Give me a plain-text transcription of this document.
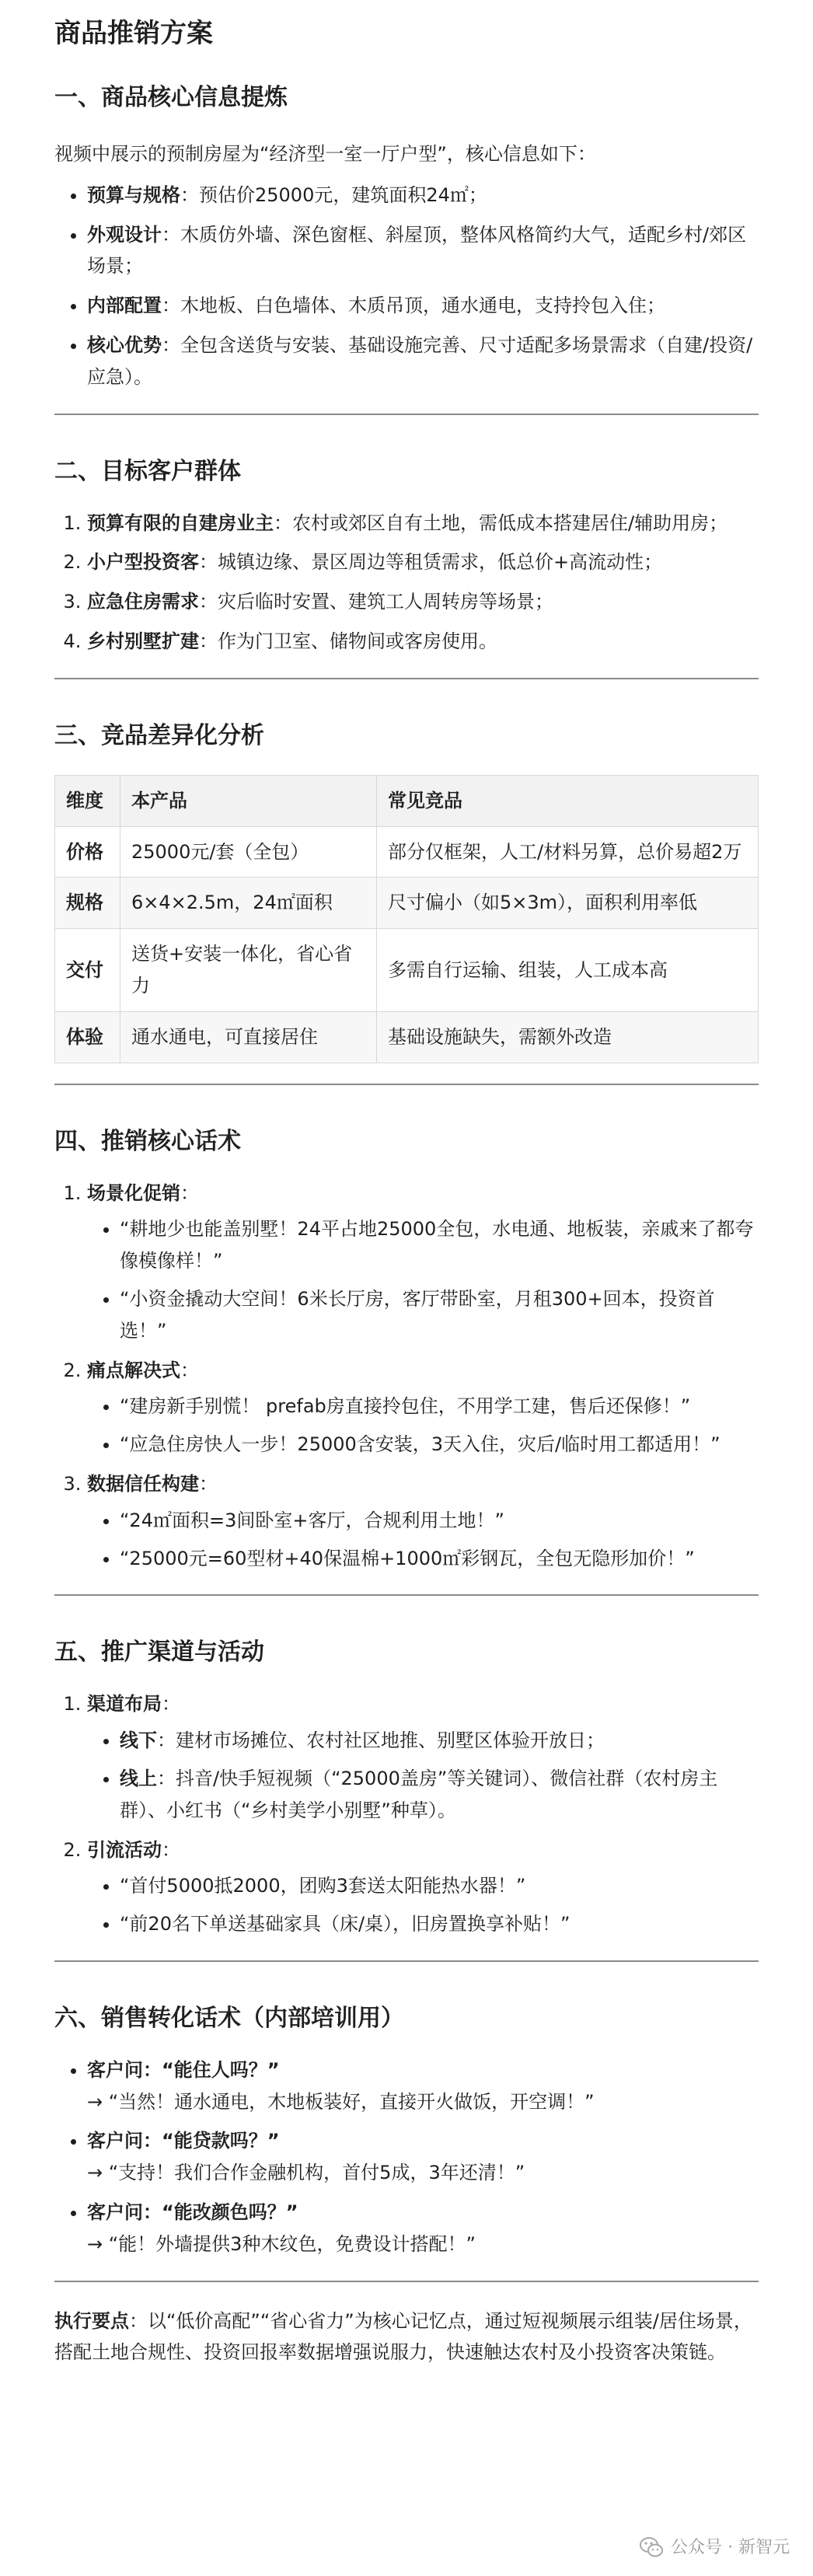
商品推销方案
一、商品核心信息提炼

视频中展示的预制房屋为“经济型一室一厅户型”，核心信息如下：

• 预算与规格：预估价25000元，建筑面积24㎡；
• 外观设计：木质仿外墙、深色窗框、斜屋顶，整体风格简约大气，适配乡村/郊区场景；
• 内部配置：木地板、白色墙体、木质吊顶，通水通电，支持拎包入住；
• 核心优势：全包含送货与安装、基础设施完善、尺寸适配多场景需求（自建/投资/应急）。
二、目标客户群体
1. 预算有限的自建房业主：农村或郊区自有土地，需低成本搭建居住/辅助用房；
2. 小户型投资客：城镇边缘、景区周边等租赁需求，低总价+高流动性；
3. 应急住房需求：灾后临时安置、建筑工人周转房等场景；
4. 乡村别墅扩建：作为门卫室、储物间或客房使用。
三、竞品差异化分析
维度	本产品	常见竞品
价格	25000元/套（全包）	部分仅框架，人工/材料另算，总价易超2万
规格	6×4×2.5m，24㎡面积	尺寸偏小（如5×3m），面积利用率低
交付	送货+安装一体化，省心省力	多需自行运输、组装，人工成本高
体验	通水通电，可直接居住	基础设施缺失，需额外改造
四、推销核心话术
1. 场景化促销：
• “耕地少也能盖别墅！24平占地25000全包，水电通、地板装，亲戚来了都夸像模像样！”
• “小资金撬动大空间！6米长厅房，客厅带卧室，月租300+回本，投资首选！”
2. 痛点解决式：
• “建房新手别慌！ prefab房直接拎包住，不用学工建，售后还保修！”
• “应急住房快人一步！25000含安装，3天入住，灾后/临时用工都适用！”
3. 数据信任构建：
• “24㎡面积=3间卧室+客厅，合规利用土地！”
• “25000元=60型材+40保温棉+1000㎡彩钢瓦，全包无隐形加价！”
五、推广渠道与活动
1. 渠道布局：
• 线下：建材市场摊位、农村社区地推、别墅区体验开放日；
• 线上：抖音/快手短视频（“25000盖房”等关键词）、微信社群（农村房主群）、小红书（“乡村美学小别墅”种草）。
2. 引流活动：
• “首付5000抵2000，团购3套送太阳能热水器！”
• “前20名下单送基础家具（床/桌），旧房置换享补贴！”
六、销售转化话术（内部培训用）
• 客户问：“能住人吗？”
→ “当然！通水通电，木地板装好，直接开火做饭，开空调！”
• 客户问：“能贷款吗？”
→ “支持！我们合作金融机构，首付5成，3年还清！”
• 客户问：“能改颜色吗？”
→ “能！外墙提供3种木纹色，免费设计搭配！”

执行要点：以“低价高配”“省心省力”为核心记忆点，通过短视频展示组装/居住场景，搭配土地合规性、投资回报率数据增强说服力，快速触达农村及小投资客决策链。

公众号 · 新智元
